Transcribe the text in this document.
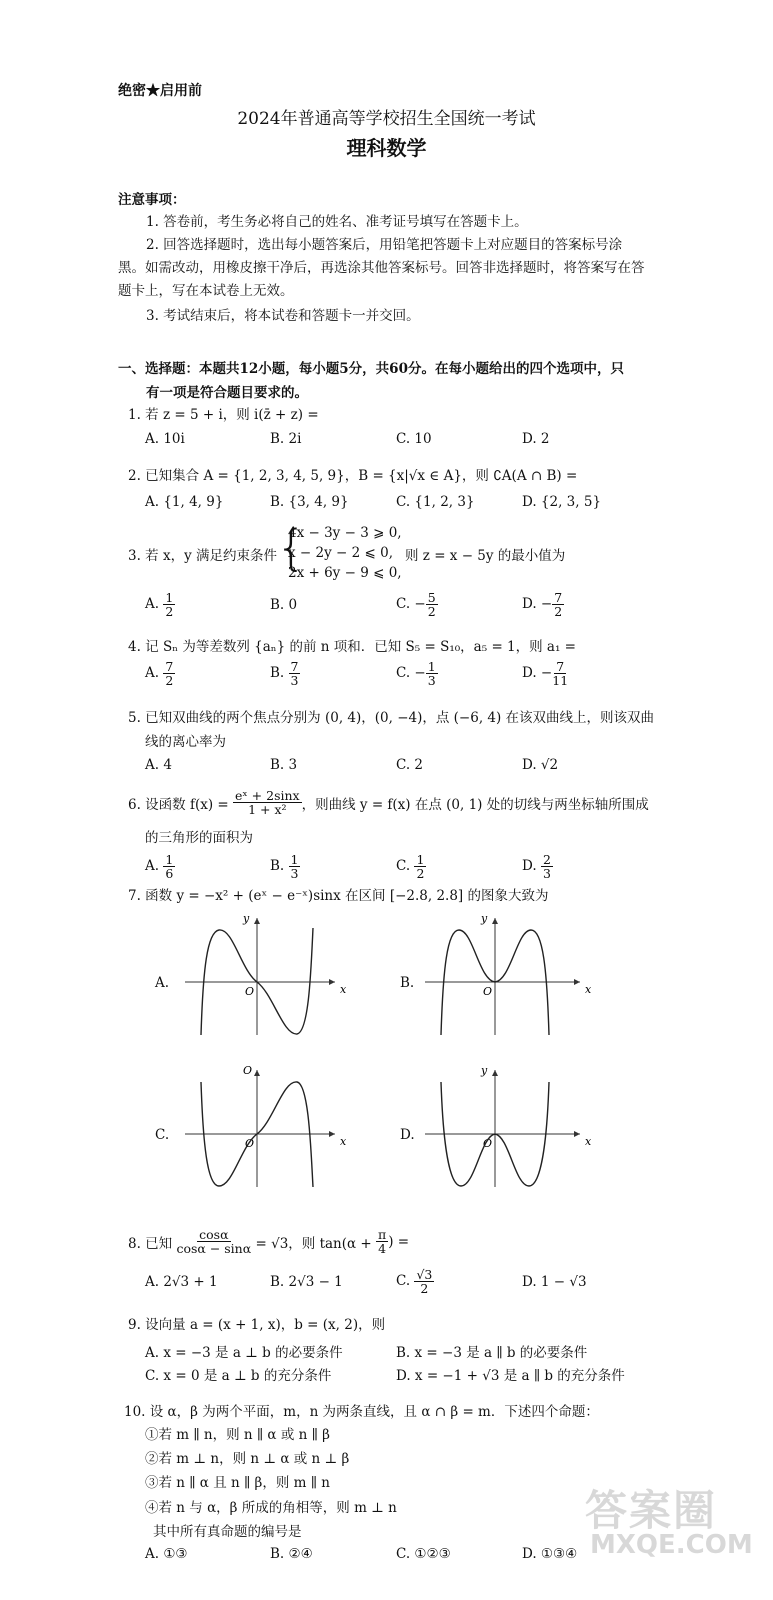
绝密★启用前
2024年普通高等学校招生全国统一考试
理科数学
注意事项：
1. 答卷前，考生务必将自己的姓名、准考证号填写在答题卡上。
2. 回答选择题时，选出每小题答案后，用铅笔把答题卡上对应题目的答案标号涂
黑。如需改动，用橡皮擦干净后，再选涂其他答案标号。回答非选择题时，将答案写在答
题卡上，写在本试卷上无效。
3. 考试结束后，将本试卷和答题卡一并交回。
一、选择题：本题共12小题，每小题5分，共60分。在每小题给出的四个选项中，只
有一项是符合题目要求的。
1. 若 z = 5 + i，则 i(z̄ + z) =
A. 10i	B. 2i	C. 10	D. 2
2. 已知集合 A = {1, 2, 3, 4, 5, 9}，B = {x|√x ∈ A}，则 ∁A(A ∩ B) =
A. {1, 4, 9}	B. {3, 4, 9}	C. {1, 2, 3}	D. {2, 3, 5}
3. 若 x，y 满足约束条件 {
4x − 3y − 3 ⩾ 0,
x − 2y − 2 ⩽ 0,
2x + 6y − 9 ⩽ 0,
则 z = x − 5y 的最小值为
A. $\frac{1}{2}$	B. 0	C. − $\frac{5}{2}$	D. − $\frac{7}{2}$
4. 记 Sₙ 为等差数列 {aₙ} 的前 n 项和．已知 S₅ = S₁₀，a₅ = 1，则 a₁ =
A. $\frac{7}{2}$	B. $\frac{7}{3}$	C. − $\frac{1}{3}$	D. − $\frac{7}{11}$
5. 已知双曲线的两个焦点分别为 (0, 4)，(0, −4)，点 (−6, 4) 在该双曲线上，则该双曲
线的离心率为
A. 4	B. 3	C. 2	D. √2
6. 设函数 f(x) =
$\frac{\text{eˣ + 2sinx}}{\text{1 + x²}}$ ，则曲线 y = f(x) 在点 (0, 1) 处的切线与两坐标轴所围成
的三角形的面积为
A. $\frac{1}{6}$	B. $\frac{1}{3}$	C. $\frac{1}{2}$	D. $\frac{2}{3}$
7. 函数 y = −x² + (eˣ − e⁻ˣ)sinx 在区间 [−2.8, 2.8] 的图象大致为
A.	x
y
O
B.	x
y
O
C.	x
O
O
D.	x
y
O
8. 已知
$\frac{\cos\alpha}{\cos\alpha - \sin\alpha}$
= √3，则 tan(α +
$\frac{\pi}{4}$ ) =
A. 2√3 + 1	B. 2√3 − 1	C. $\frac{√3}{2}$	D. 1 − √3
9. 设向量 a = (x + 1, x)，b = (x, 2)，则
A. x = −3 是 a ⊥ b 的必要条件	B. x = −3 是 a ∥ b 的必要条件
C. x = 0 是 a ⊥ b 的充分条件	D. x = −1 + √3 是 a ∥ b 的充分条件
10. 设 α，β 为两个平面，m，n 为两条直线，且 α ∩ β = m．下述四个命题：
①若 m ∥ n，则 n ∥ α 或 n ∥ β
②若 m ⊥ n，则 n ⊥ α 或 n ⊥ β
③若 n ∥ α 且 n ∥ β，则 m ∥ n
④若 n 与 α，β 所成的角相等，则 m ⊥ n
其中所有真命题的编号是
A. ①③	B. ②④	C. ①②③	D. ①③④
答案圈
MXQE.COM
